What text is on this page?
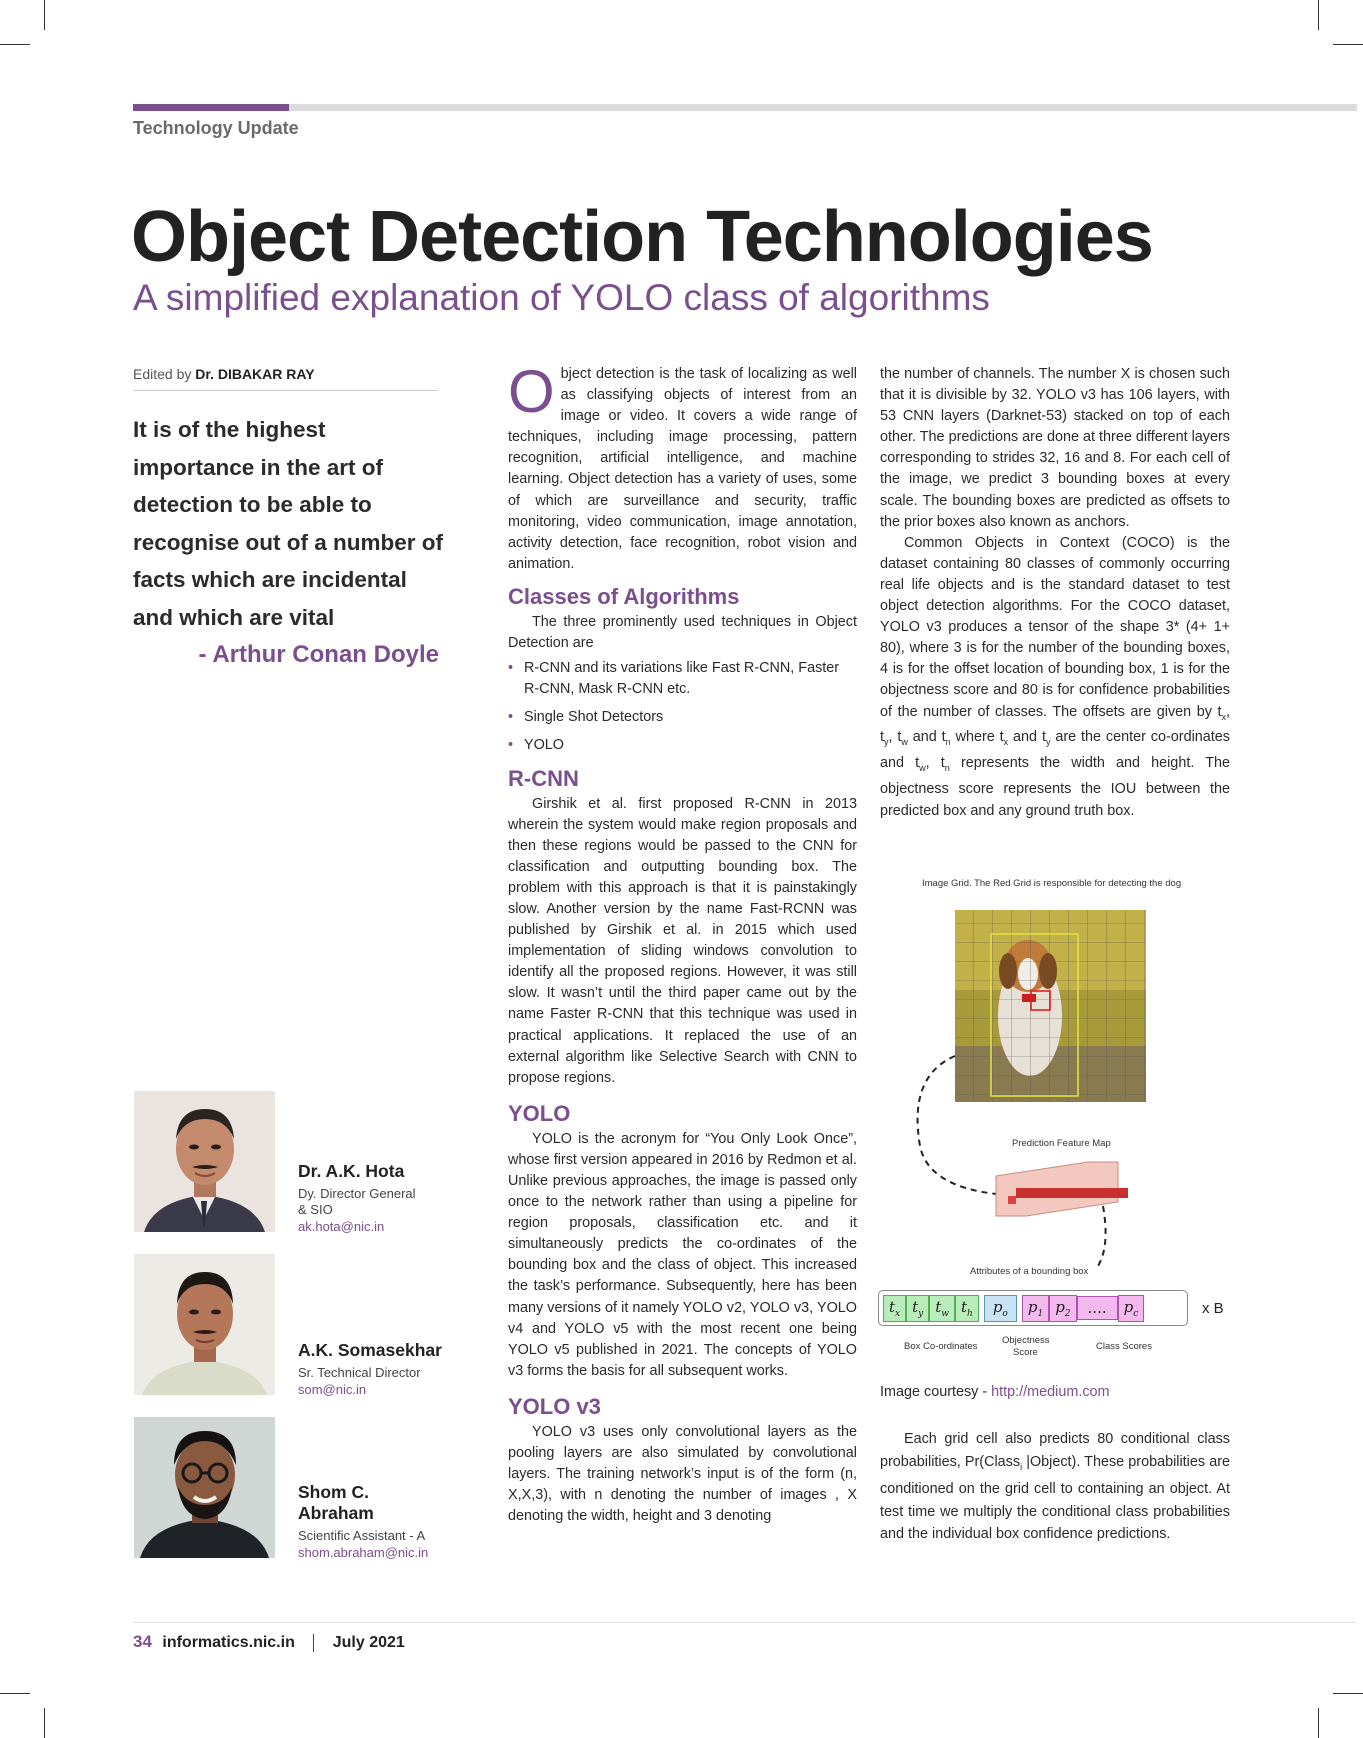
Technology Update
Object Detection Technologies
A simplified explanation of YOLO class of algorithms
Edited by Dr. DIBAKAR RAY
It is of the highest importance in the art of detection to be able to recognise out of a number of facts which are incidental and which are vital
- Arthur Conan Doyle
Dr. A.K. Hota
Dy. Director General
& SIO
ak.hota@nic.in
A.K. Somasekhar
Sr. Technical Director
som@nic.in
Shom C.
Abraham
Scientific Assistant - A
shom.abraham@nic.in

Object detection is the task of localizing as well as classifying objects of interest from an image or video. It covers a wide range of techniques, including image processing, pattern recognition, artificial intelligence, and machine learning. Object detection has a variety of uses, some of which are surveillance and security, traffic monitoring, video communication, image annotation, activity detection, face recognition, robot vision and animation.

Classes of Algorithms

The three prominently used techniques in Object Detection are

• R-CNN and its variations like Fast R-CNN, Faster R-CNN, Mask R-CNN etc.
• Single Shot Detectors
• YOLO
R-CNN

Girshik et al. first proposed R-CNN in 2013 wherein the system would make region proposals and then these regions would be passed to the CNN for classification and outputting bounding box. The problem with this approach is that it is painstakingly slow. Another version by the name Fast-RCNN was published by Girshik et al. in 2015 which used implementation of sliding windows convolution to identify all the proposed regions. However, it was still slow. It wasn’t until the third paper came out by the name Faster R-CNN that this technique was used in practical applications. It replaced the use of an external algorithm like Selective Search with CNN to propose regions.

YOLO

YOLO is the acronym for “You Only Look Once”, whose first version appeared in 2016 by Redmon et al. Unlike previous approaches, the image is passed only once to the network rather than using a pipeline for region proposals, classification etc. and it simultaneously predicts the co-ordinates of the bounding box and the class of object. This increased the task’s performance. Subsequently, here has been many versions of it namely YOLO v2, YOLO v3, YOLO v4 and YOLO v5 with the most recent one being YOLO v5 published in 2021. The concepts of YOLO v3 forms the basis for all subsequent works.

YOLO v3

YOLO v3 uses only convolutional layers as the pooling layers are also simulated by convolutional layers. The training network’s input is of the form (n, X,X,3), with n denoting the number of images , X denoting the width, height and 3 denoting

the number of channels. The number X is chosen such that it is divisible by 32. YOLO v3 has 106 layers, with 53 CNN layers (Darknet-53) stacked on top of each other. The predictions are done at three different layers corresponding to strides 32, 16 and 8. For each cell of the image, we predict 3 bounding boxes at every scale. The bounding boxes are predicted as offsets to the prior boxes also known as anchors.

Common Objects in Context (COCO) is the dataset containing 80 classes of commonly occurring real life objects and is the standard dataset to test object detection algorithms. For the COCO dataset, YOLO v3 produces a tensor of the shape 3* (4+ 1+ 80), where 3 is for the number of the bounding boxes, 4 is for the offset location of bounding box, 1 is for the objectness score and 80 is for confidence probabilities of the number of classes. The offsets are given by $t_x$, $t_y$, $t_w$ and $t_n$ where $t_x$ and $t_y$ are the center co-ordinates and $t_w$, $t_n$ represents the width and height. The objectness score represents the IOU between the predicted box and any ground truth box.

Image Grid. The Red Grid is responsible for detecting the dog
Prediction Feature Map
Attributes of a bounding box
$t_x$ $t_y$ $t_w$ $t_h$	$p_o$	$p_1$ $p_2$	....	$p_c$	x B
Box Co-ordinates
Objectness
Score
Class Scores
Image courtesy - http://medium.com

Each grid cell also predicts 80 conditional class probabilities, Pr(Class$_i$ |Object). These probabilities are conditioned on the grid cell to containing an object. At test time we multiply the conditional class probabilities and the individual box confidence predictions.

34 informatics.nic.in July 2021
